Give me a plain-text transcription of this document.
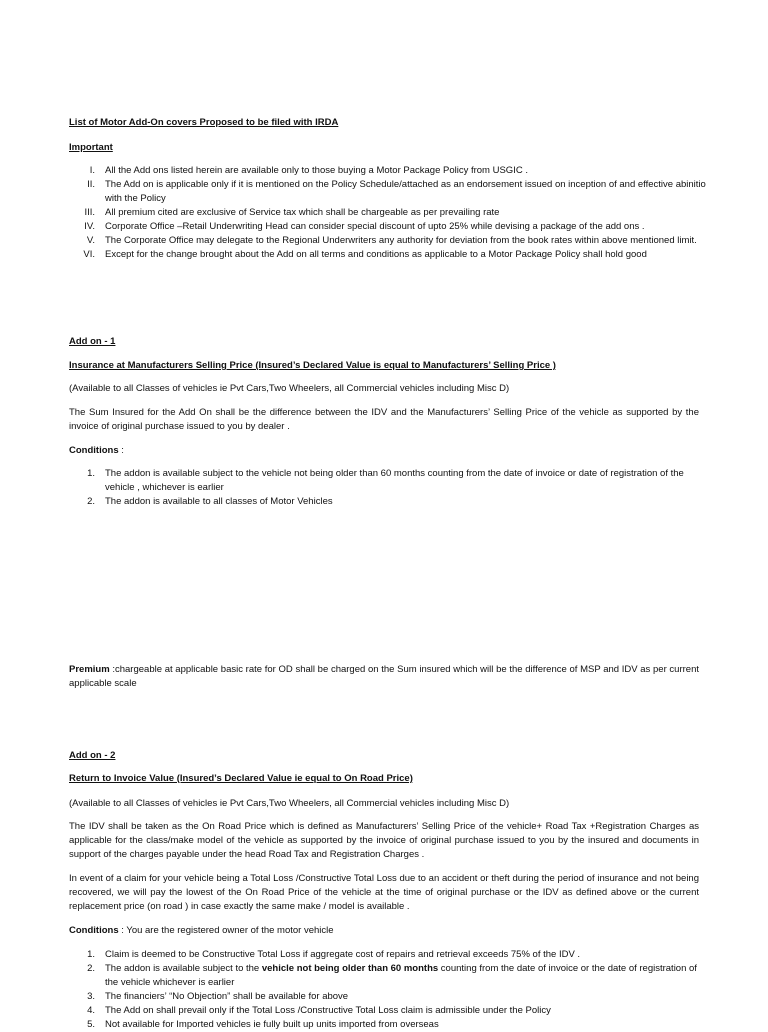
List of Motor Add-On covers Proposed to be filed with IRDA
Important
I. All the Add ons listed herein are available only to those buying a Motor Package Policy from USGIC .
II. The Add on is applicable only if it is mentioned on the Policy Schedule/attached as an endorsement issued on inception of and effective abinitio with the Policy
III. All premium cited are exclusive of Service tax which shall be chargeable as per prevailing rate
IV. Corporate Office –Retail Underwriting Head can consider special discount of upto 25% while devising a package of the add ons .
V. The Corporate Office may delegate to the Regional Underwriters any authority for deviation from the book rates within above mentioned limit.
VI. Except for the change brought about the Add on all terms and conditions as applicable to a Motor Package Policy shall hold good
Add on - 1
Insurance at Manufacturers Selling Price (Insured’s Declared Value is equal to Manufacturers’ Selling Price )

(Available to all Classes of vehicles ie Pvt Cars,Two Wheelers, all Commercial vehicles including Misc D)

The Sum Insured for the Add On shall be the difference between the IDV and the Manufacturers’ Selling Price of the vehicle as supported by the invoice of original purchase issued to you by dealer .

Conditions :

1. The addon is available subject to the vehicle not being older than 60 months counting from the date of invoice or date of registration of the vehicle , whichever is earlier
2. The addon is available to all classes of Motor Vehicles

Premium :chargeable at applicable basic rate for OD shall be charged on the Sum insured which will be the difference of MSP and IDV as per current applicable scale

Add on - 2
Return to Invoice Value (Insured’s Declared Value ie equal to On Road Price)

(Available to all Classes of vehicles ie Pvt Cars,Two Wheelers, all Commercial vehicles including Misc D)

The IDV shall be taken as the On Road Price which is defined as Manufacturers’ Selling Price of the vehicle+ Road Tax +Registration Charges as applicable for the class/make model of the vehicle as supported by the invoice of original purchase issued to you by the insured and documents in support of the charges payable under the head Road Tax and Registration Charges .

In event of a claim for your vehicle being a Total Loss /Constructive Total Loss due to an accident or theft during the period of insurance and not being recovered, we will pay the lowest of the On Road Price of the vehicle at the time of original purchase or the IDV as defined above or the current replacement price (on road ) in case exactly the same make / model is available .

Conditions : You are the registered owner of the motor vehicle

1. Claim is deemed to be Constructive Total Loss if aggregate cost of repairs and retrieval exceeds 75% of the IDV .
2. The addon is available subject to the vehicle not being older than 60 months counting from the date of invoice or the date of registration of the vehicle whichever is earlier
3. The financiers’ “No Objection” shall be available for above
4. The Add on shall prevail only if the Total Loss /Constructive Total Loss claim is admissible under the Policy
5. Not available for Imported vehicles ie fully built up units imported from overseas
